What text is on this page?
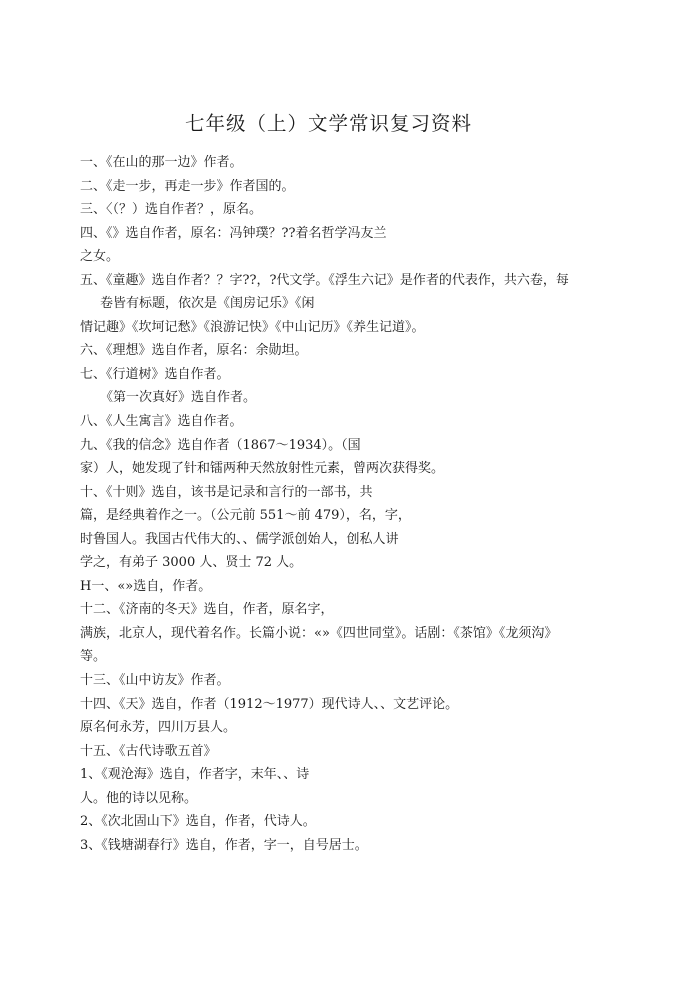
七年级（上）文学常识复习资料
一、《在山的那一边》作者。
二、《走一步，再走一步》作者国的。
三、〈（？）选自作者？，原名。
四、《》选自作者，原名：冯钟璞？??着名哲学冯友兰
之女。
五、《童趣》选自作者？？字??，?代文学。《浮生六记》是作者的代表作，共六卷，每
卷皆有标题，依次是《闺房记乐》《闲
情记趣》《坎坷记愁》《浪游记快》《中山记历》《养生记道》。
六、《理想》选自作者，原名：余勋坦。
七、《行道树》选自作者。
《第一次真好》选自作者。
八、《人生寓言》选自作者。
九、《我的信念》选自作者（1867～1934）。（国
家）人，她发现了针和镭两种天然放射性元素，曾两次获得奖。
十、《十则》选自，该书是记录和言行的一部书，共
篇，是经典着作之一。（公元前 551～前 479），名，字，
时鲁国人。我国古代伟大的、、儒学派创始人，创私人讲
学之，有弟子 3000 人、贤士 72 人。
H一、«»选自，作者。
十二、《济南的冬天》选自，作者，原名字，
满族，北京人，现代着名作。长篇小说：«»《四世同堂》。话剧：《茶馆》《龙须沟》
等。
十三、《山中访友》作者。
十四、《天》选自，作者（1912～1977）现代诗人、、文艺评论。
原名何永芳，四川万县人。
十五、《古代诗歌五首》
1、《观沧海》选自，作者字，末年、、诗
人。他的诗以见称。
2、《次北固山下》选自，作者，代诗人。
3、《钱塘湖春行》选自，作者，字一，自号居士。
